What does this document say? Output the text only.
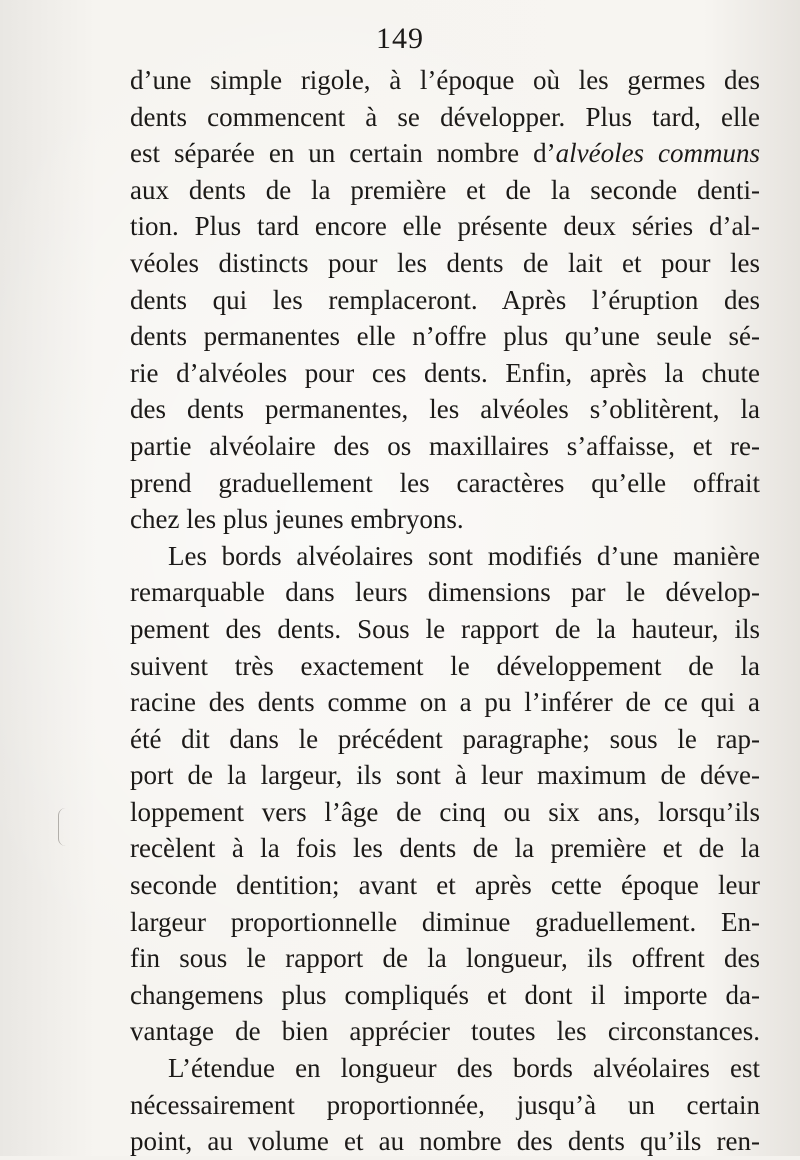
149
d’une simple rigole, à l’époque où les germes des
dents commencent à se développer. Plus tard, elle
est séparée en un certain nombre d’alvéoles communs
aux dents de la première et de la seconde denti-
tion. Plus tard encore elle présente deux séries d’al-
véoles distincts pour les dents de lait et pour les
dents qui les remplaceront. Après l’éruption des
dents permanentes elle n’offre plus qu’une seule sé-
rie d’alvéoles pour ces dents. Enfin, après la chute
des dents permanentes, les alvéoles s’oblitèrent, la
partie alvéolaire des os maxillaires s’affaisse, et re-
prend graduellement les caractères qu’elle offrait
chez les plus jeunes embryons.
Les bords alvéolaires sont modifiés d’une manière
remarquable dans leurs dimensions par le dévelop-
pement des dents. Sous le rapport de la hauteur, ils
suivent très exactement le développement de la
racine des dents comme on a pu l’inférer de ce qui a
été dit dans le précédent paragraphe; sous le rap-
port de la largeur, ils sont à leur maximum de déve-
loppement vers l’âge de cinq ou six ans, lorsqu’ils
recèlent à la fois les dents de la première et de la
seconde dentition; avant et après cette époque leur
largeur proportionnelle diminue graduellement. En-
fin sous le rapport de la longueur, ils offrent des
changemens plus compliqués et dont il importe da-
vantage de bien apprécier toutes les circonstances.
L’étendue en longueur des bords alvéolaires est
nécessairement proportionnée, jusqu’à un certain
point, au volume et au nombre des dents qu’ils ren-
